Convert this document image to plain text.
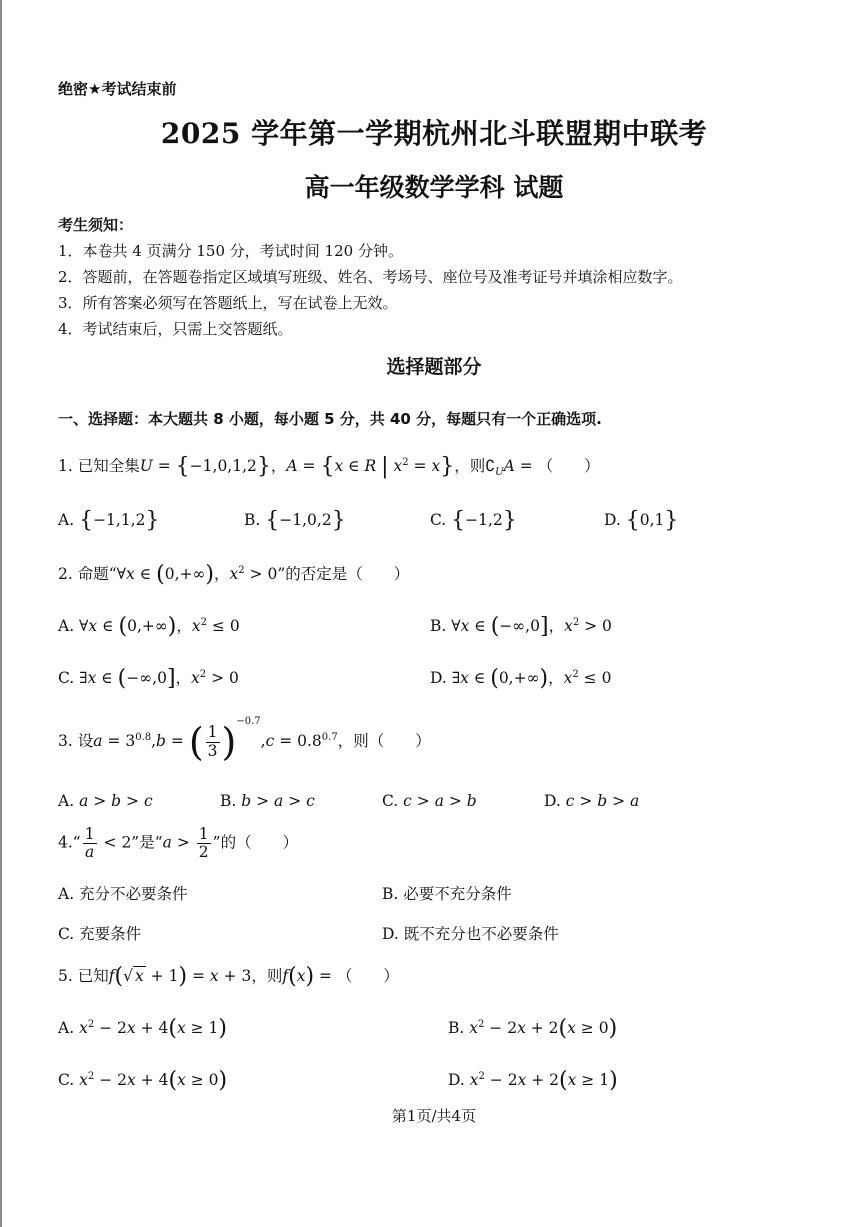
绝密★考试结束前
2025 学年第一学期杭州北斗联盟期中联考
高一年级数学学科 试题
考生须知：
1．本卷共 4 页满分 150 分，考试时间 120 分钟。
2．答题前，在答题卷指定区域填写班级、姓名、考场号、座位号及准考证号并填涂相应数字。
3．所有答案必须写在答题纸上，写在试卷上无效。
4．考试结束后，只需上交答题纸。
选择题部分
一、选择题：本大题共 8 小题，每小题 5 分，共 40 分，每题只有一个正确选项.
1. 已知全集U = {−1,0,1,2}，A = {x ∈ R | $x^2 = x$}，则$∁_UA$ = （　　）
A. {−1,1,2}	B. {−1,0,2}	C. {−1,2}	D. {0,1}
2. 命题“∀x ∈ (0,+∞)，$x^2 > 0$”的否定是（　　）
A. ∀x ∈ (0,+∞)，$x^2 \le 0$	B. ∀x ∈ (−∞,0]，$x^2 > 0$
C. ∃x ∈ (−∞,0]，$x^2 > 0$	D. ∃x ∈ (0,+∞)，$x^2 \le 0$
3. 设$a = 3^{0.8},b$ = ( $\frac{1}{3} )^{-0.7},c = 0.8^{0.7}$，则（　　）
A. a > b > c	B. b > a > c	C. c > a > b	D. c > b > a
4.“ $\frac{1}{a} < 2$”是“$a > \frac{1}{2}$ ”的（　　）
A. 充分不必要条件	B. 必要不充分条件
C. 充要条件	D. 既不充分也不必要条件
5. 已知f(√ x + 1) = x + 3，则f(x) = （　　）
A. $x^2 - 2x + 4(x \ge 1)$	B. $x^2 - 2x + 2(x \ge 0)$
C. $x^2 - 2x + 4(x \ge 0)$	D. $x^2 - 2x + 2(x \ge 1)$
第1页/共4页
